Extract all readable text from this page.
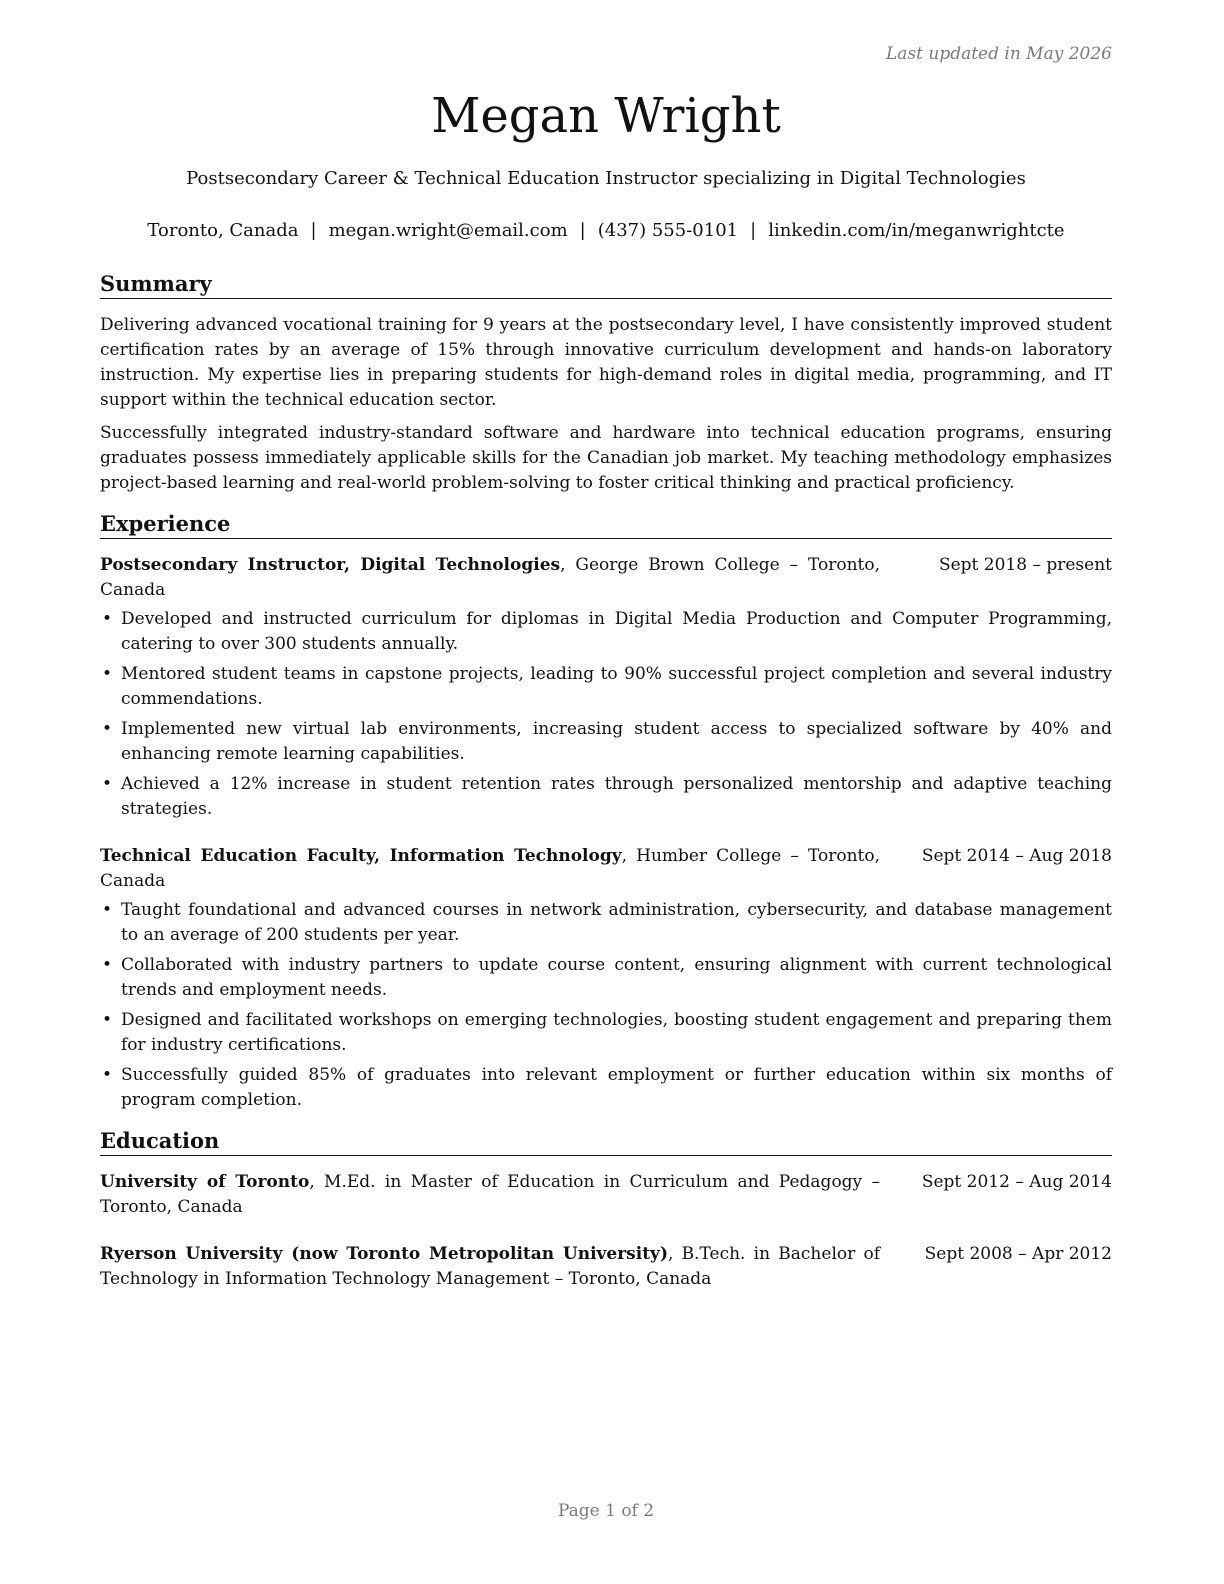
Last updated in May 2026
Megan Wright
Postsecondary Career & Technical Education Instructor specializing in Digital Technologies
Toronto, Canada | megan.wright@email.com | (437) 555-0101 | linkedin.com/in/meganwrightcte
Summary

Delivering advanced vocational training for 9 years at the postsecondary level, I have consistently improved student certification rates by an average of 15% through innovative curriculum development and hands-on laboratory instruction. My expertise lies in preparing students for high-demand roles in digital media, programming, and IT support within the technical education sector.

Successfully integrated industry-standard software and hardware into technical education programs, ensuring graduates possess immediately applicable skills for the Canadian job market. My teaching methodology emphasizes project-based learning and real-world problem-solving to foster critical thinking and practical proficiency.

Experience
Postsecondary Instructor, Digital Technologies, George Brown College – Toronto, Canada
Sept 2018 – present
• Developed and instructed curriculum for diplomas in Digital Media Production and Computer Programming, catering to over 300 students annually.
• Mentored student teams in capstone projects, leading to 90% successful project completion and several industry commendations.
• Implemented new virtual lab environments, increasing student access to specialized software by 40% and enhancing remote learning capabilities.
• Achieved a 12% increase in student retention rates through personalized mentorship and adaptive teaching strategies.
Technical Education Faculty, Information Technology, Humber College – Toronto, Canada
Sept 2014 – Aug 2018
• Taught foundational and advanced courses in network administration, cybersecurity, and database management to an average of 200 students per year.
• Collaborated with industry partners to update course content, ensuring alignment with current technological trends and employment needs.
• Designed and facilitated workshops on emerging technologies, boosting student engagement and preparing them for industry certifications.
• Successfully guided 85% of graduates into relevant employment or further education within six months of program completion.
Education
University of Toronto, M.Ed. in Master of Education in Curriculum and Pedagogy – Toronto, Canada
Sept 2012 – Aug 2014
Ryerson University (now Toronto Metropolitan University), B.Tech. in Bachelor of Technology in Information Technology Management – Toronto, Canada
Sept 2008 – Apr 2012
Page 1 of 2
